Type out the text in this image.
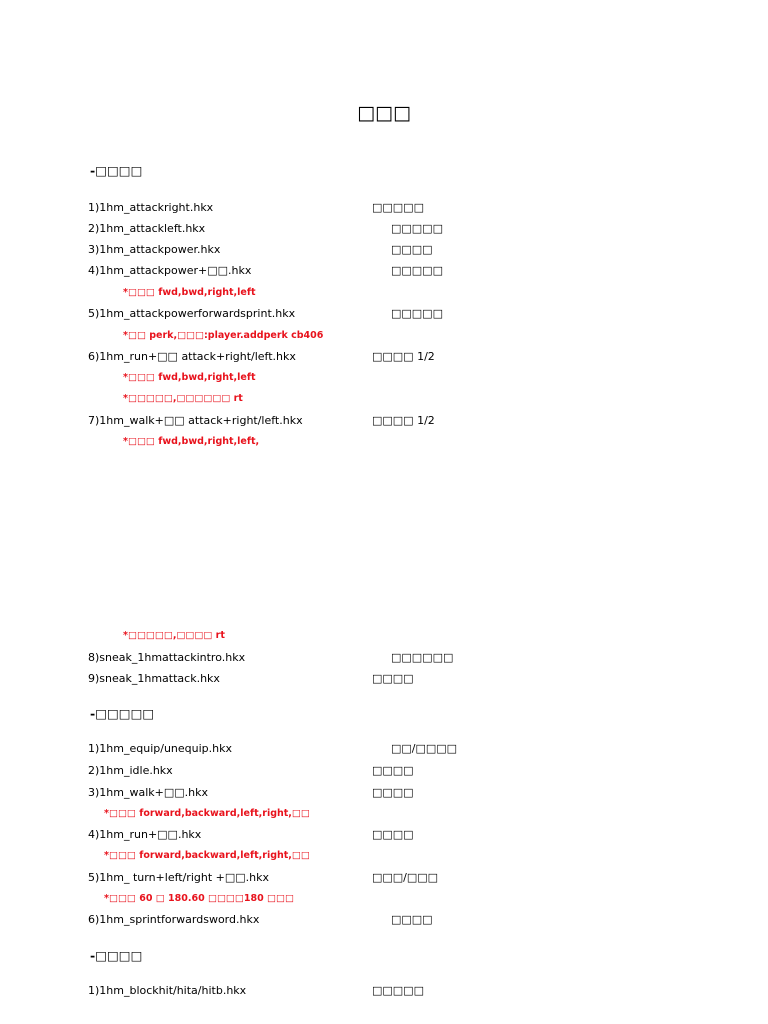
□□□
-□□□□
1)1hm_attackright.hkx	□□□□□
2)1hm_attackleft.hkx	□□□□□
3)1hm_attackpower.hkx	□□□□
4)1hm_attackpower+□□.hkx	□□□□□
*□□□ fwd,bwd,right,left
5)1hm_attackpowerforwardsprint.hkx	□□□□□
*□□ perk,□□□:player.addperk cb406
6)1hm_run+□□ attack+right/left.hkx	□□□□ 1/2
*□□□ fwd,bwd,right,left
*□□□□□,□□□□□□ rt
7)1hm_walk+□□ attack+right/left.hkx	□□□□ 1/2
*□□□ fwd,bwd,right,left,
*□□□□□,□□□□ rt
8)sneak_1hmattackintro.hkx	□□□□□□
9)sneak_1hmattack.hkx	□□□□
-□□□□□
1)1hm_equip/unequip.hkx	□□/□□□□
2)1hm_idle.hkx	□□□□
3)1hm_walk+□□.hkx	□□□□
*□□□ forward,backward,left,right,□□
4)1hm_run+□□.hkx	□□□□
*□□□ forward,backward,left,right,□□
5)1hm_ turn+left/right +□□.hkx	□□□/□□□
*□□□ 60 □ 180.60 □□□□180 □□□
6)1hm_sprintforwardsword.hkx	□□□□
-□□□□
1)1hm_blockhit/hita/hitb.hkx	□□□□□
